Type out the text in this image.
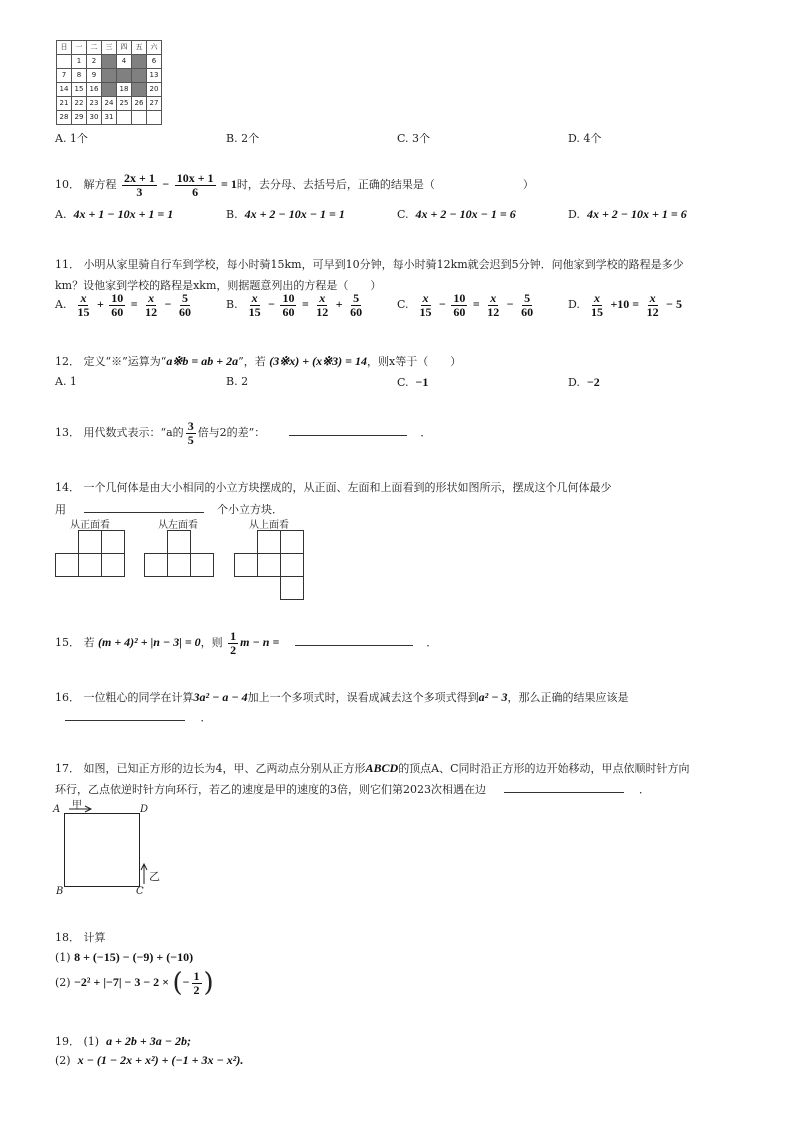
日	一	二	三	四	五	六
	1	2		4		6
7	8	9				13
14	15	16		18		20
21	22	23	24	25	26	27
28	29	30	31			
A. 1个	B. 2个	C. 3个	D. 4个
10． 解方程 $\frac{2x + 1}{3} - \frac{10x + 1}{6} = 1$时，去分母、去括号后，正确的结果是（　　　　　　　　）
A. 4x + 1 − 10x + 1 = 1	B. 4x + 2 − 10x − 1 = 1	C. 4x + 2 − 10x − 1 = 6	D. 4x + 2 − 10x + 1 = 6
11． 小明从家里骑自行车到学校，每小时骑15km，可早到10分钟，每小时骑12km就会迟到5分钟．问他家到学校的路程是多少
km？设他家到学校的路程是xkm，则据题意列出的方程是（　　）
A. $\frac{x}{15} + \frac{10}{60} = \frac{x}{12} - \frac{5}{60}$	B. $\frac{x}{15} - \frac{10}{60} = \frac{x}{12} + \frac{5}{60}$	C. $\frac{x}{15} - \frac{10}{60} = \frac{x}{12} - \frac{5}{60}$	D. $\frac{x}{15} +10 = \frac{x}{12} - 5$
12． 定义“※”运算为“a※b = ab + 2a”，若 (3※x) + (x※3) = 14，则x等于（　　）
A. 1	B. 2	C. −1	D. −2
13． 用代数式表示：“a的 $\frac{3}{5}$ 倍与2的差”：	．
14． 一个几何体是由大小相同的小立方块摆成的，从正面、左面和上面看到的形状如图所示，摆成这个几何体最少
用	个小立方块．
从正面看	从左面看	从上面看
15． 若 (m + 4)² + |n − 3| = 0，则 $\frac{1}{2}$ m − n =	．
16． 一位粗心的同学在计算3a² − a − 4加上一个多项式时，误看成减去这个多项式得到a² − 3，那么正确的结果应该是
．
17． 如图，已知正方形的边长为4，甲、乙两动点分别从正方形ABCD的顶点A、C同时沿正方形的边开始移动，甲点依顺时针方向
环行，乙点依逆时针方向环行，若乙的速度是甲的速度的3倍，则它们第2023次相遇在边	．
A	D
B	C
甲
乙
18． 计算
(1) 8 + (−15) − (−9) + (−10)
(2) −2² + |−7| − 3 − 2 × (− $\frac{1}{2}$ )
19． (1) a + 2b + 3a − 2b;
(2) x − (1 − 2x + x²) + (−1 + 3x − x²).
